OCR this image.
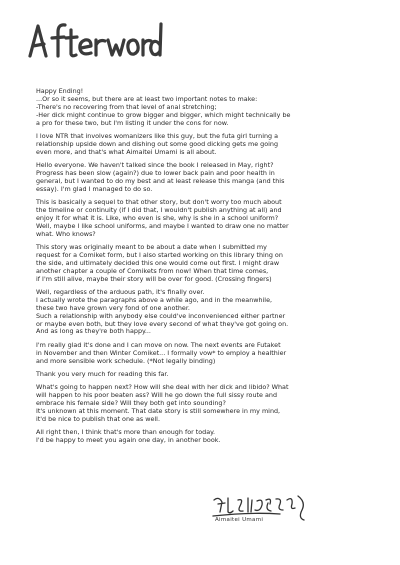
Happy Ending!
...Or so it seems, but there are at least two important notes to make:
-There's no recovering from that level of anal stretching;
-Her dick might continue to grow bigger and bigger, which might technically be
a pro for these two, but I'm listing it under the cons for now.
I love NTR that involves womanizers like this guy, but the futa girl turning a
relationship upside down and dishing out some good dicking gets me going
even more, and that's what Aimaitei Umami is all about.
Hello everyone. We haven't talked since the book I released in May, right?
Progress has been slow (again?) due to lower back pain and poor health in
general, but I wanted to do my best and at least release this manga (and this
essay). I'm glad I managed to do so.
This is basically a sequel to that other story, but don't worry too much about
the timeline or continuity (if I did that, I wouldn't publish anything at all) and
enjoy it for what it is. Like, who even is she, why is she in a school uniform?
Well, maybe I like school uniforms, and maybe I wanted to draw one no matter
what. Who knows?
This story was originally meant to be about a date when I submitted my
request for a Comiket form, but I also started working on this library thing on
the side, and ultimately decided this one would come out first. I might draw
another chapter a couple of Comikets from now! When that time comes,
if I'm still alive, maybe their story will be over for good. (Crossing fingers)
Well, regardless of the arduous path, it's finally over.
I actually wrote the paragraphs above a while ago, and in the meanwhile,
these two have grown very fond of one another.
Such a relationship with anybody else could've inconvenienced either partner
or maybe even both, but they love every second of what they've got going on.
And as long as they're both happy...
I'm really glad it's done and I can move on now. The next events are Futaket
in November and then Winter Comiket... I formally vow* to employ a healthier
and more sensible work schedule. (*Not legally binding)
Thank you very much for reading this far.
What's going to happen next? How will she deal with her dick and libido? What
will happen to his poor beaten ass? Will he go down the full sissy route and
embrace his female side? Will they both get into sounding?
It's unknown at this moment. That date story is still somewhere in my mind,
it'd be nice to publish that one as well.
All right then, I think that's more than enough for today.
I'd be happy to meet you again one day, in another book.
Aimaitei Umami
